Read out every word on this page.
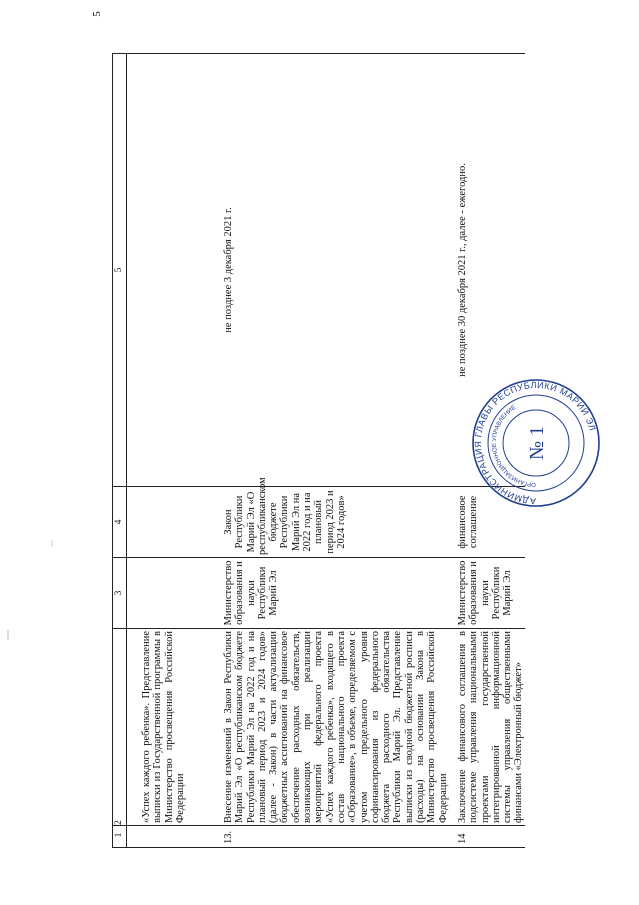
5
1	2	3	4	5
	«Успех каждого ребенка». Представление выписки из Государственной программы в Министерство просвещения Российской Федерации			
13.	Внесение изменений в Закон Республики Марий Эл «О республиканском бюджете Республики Марий Эл на 2022 год и на плановый период 2023 и 2024 годов» (далее - Закон) в части актуализации бюджетных ассигнований на финансовое обеспечение расходных обязательств, возникающих при реализации мероприятий федерального проекта «Успех каждого ребенка», входящего в состав национального проекта «Образование», в объеме, определяемом с учетом предельного уровня софинансирования из федерального бюджета расходного обязательства Республики Марий Эл. Представление выписки из сводной бюджетной росписи (расходы) на основании Закона в Министерство просвещения Российской Федерации	Министерство образования и науки Республики Марий Эл	Закон Республики Марий Эл «О республиканском бюджете Республики Марий Эл на 2022 год и на плановый период 2023 и 2024 годов»	не позднее 3 декабря 2021 г.
14	Заключение финансового соглашения в подсистеме управления национальными проектами государственной интегрированной информационной системы управления общественными финансами «Электронный бюджет»	Министерство образования и науки Республики Марий Эл	финансовое соглашение	не позднее 30 декабря 2021 г., далее - ежегодно.
АДМИНИСТРАЦИЯ ГЛАВЫ РЕСПУБЛИКИ МАРИЙ ЭЛ
ОРГАНИЗАЦИОННОЕ УПРАВЛЕНИЕ
№ 1
